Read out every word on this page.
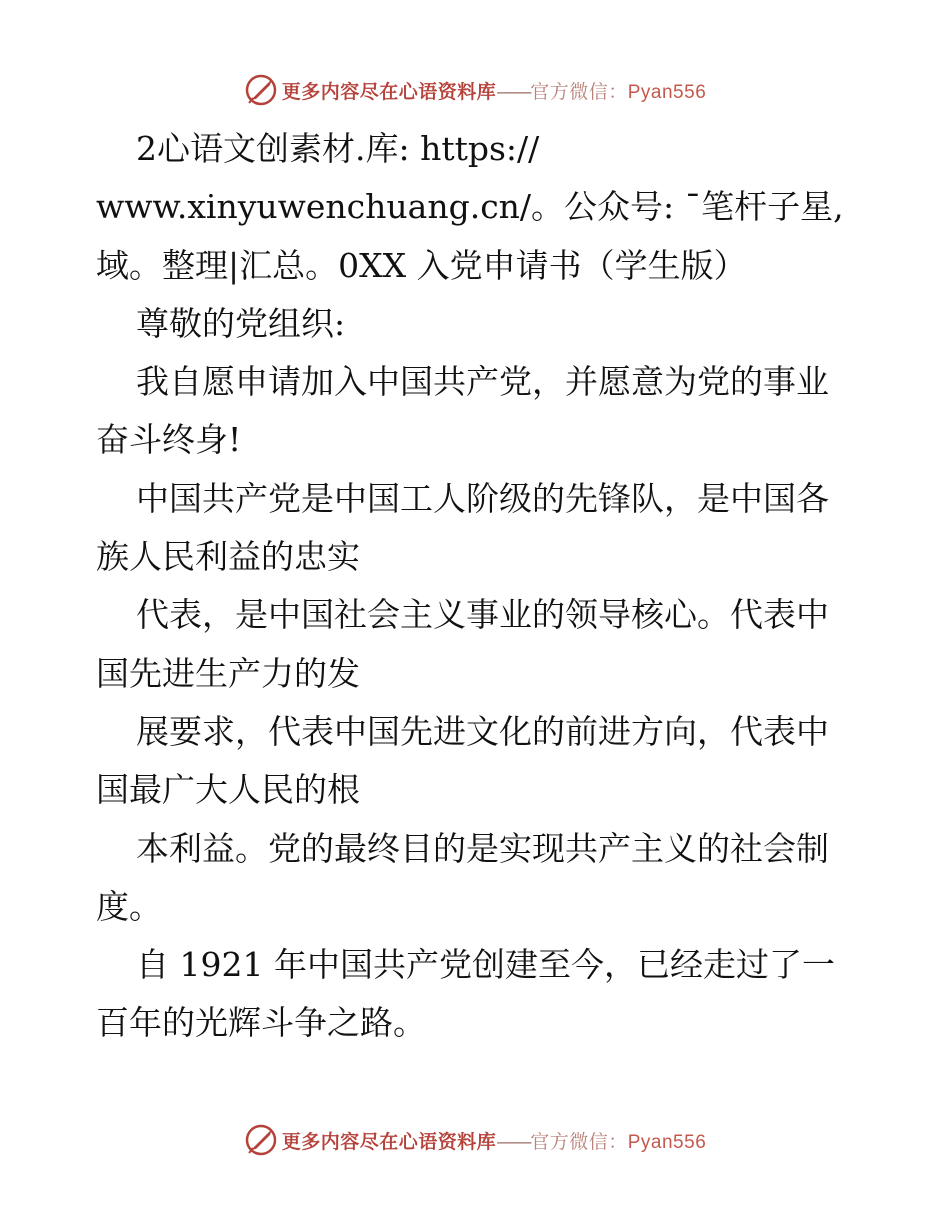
更多内容尽在心语资料库——官方微信：Pyan556
2心语文创素材.库: https://
www.xinyuwenchuang.cn/。公众号: ¯笔杆子星,
域。整理|汇总。0XX 入党申请书（学生版）
尊敬的党组织:
我自愿申请加入中国共产党，并愿意为党的事业
奋斗终身!
中国共产党是中国工人阶级的先锋队，是中国各
族人民利益的忠实
代表，是中国社会主义事业的领导核心。代表中
国先进生产力的发
展要求，代表中国先进文化的前进方向，代表中
国最广大人民的根
本利益。党的最终目的是实现共产主义的社会制
度。
自 1921 年中国共产党创建至今，已经走过了一
百年的光辉斗争之路。
更多内容尽在心语资料库——官方微信：Pyan556
